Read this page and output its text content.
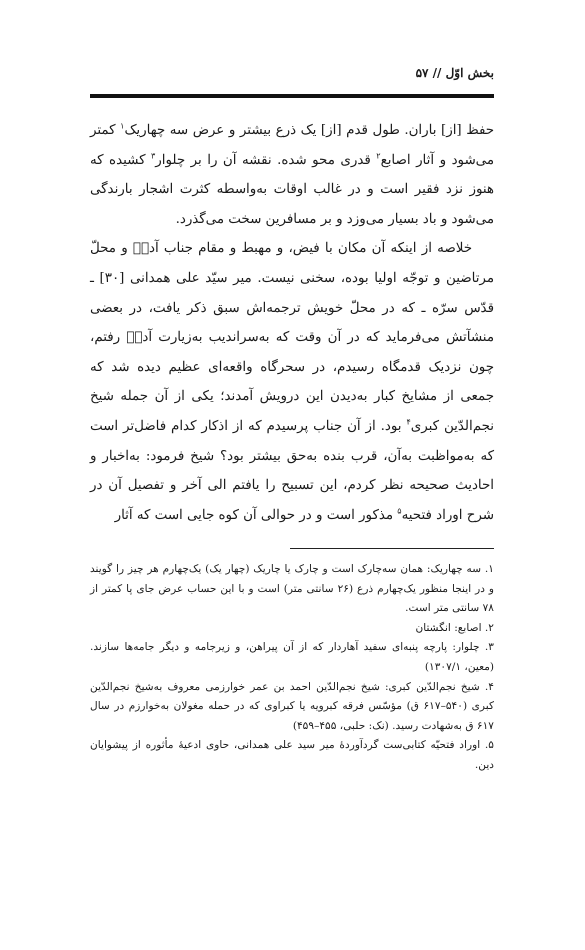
بخش اوّل // ۵۷

حفظ [از] باران. طول قدم [از] یک ذرع بیشتر و عرض سه چهاریک$^۱$ کمتر می‌شود و آثار اصابع$^۲$ قدری محو شده. نقشه آن را بر چلوار$^۳$ کشیده که هنوز نزد فقیر است و در غالب اوقات به‌واسطه کثرت اشجار بارندگی می‌شود و باد بسیار می‌وزد و بر مسافرین سخت می‌گذرد.

خلاصه از اینکه آن مکان با فیض، و مهبط و مقام جناب آدمؑ و محلّ مرتاضین و توجّه اولیا بوده، سخنی نیست. میر سیّد علی همدانی [۳۰] ـ قدّس سرّه ـ که در محلّ خویش ترجمه‌اش سبق ذکر یافت، در بعضی منشآتش می‌فرماید که در آن وقت که به‌سراندیب به‌زیارت آدمؑ رفتم، چون نزدیک قدمگاه رسیدم، در سحرگاه واقعه‌ای عظیم دیده شد که جمعی از مشایخ کبار به‌دیدن این درویش آمدند؛ یکی از آن جمله شیخ نجم‌الدّین کبری$^۴$ بود. از آن جناب پرسیدم که از اذکار کدام فاضل‌تر است که به‌مواظبت به‌آن، قرب بنده به‌حق بیشتر بود؟ شیخ فرمود: به‌اخبار و احادیث صحیحه نظر کردم، این تسبیح را یافتم الی آخر و تفصیل آن در شرح اوراد فتحیه$^۵$ مذکور است و در حوالی آن کوه جایی است که آثار

۱. سه چهاریک: همان سه‌چارک است و چارک یا چاریک (چهار یک) یک‌چهارم هر چیز را گویند و در اینجا منظور یک‌چهارم ذرع (۲۶ سانتی متر) است و با این حساب عرض جای پا کمتر از ۷۸ سانتی متر است.
۲. اصابع: انگشتان
۳. چلوار: پارچه پنبه‌ای سفید آهاردار که از آن پیراهن، و زیرجامه و دیگر جامه‌ها سازند. (معین، ۱۳۰۷/۱)
۴. شیخ نجم‌الدّین کبری: شیخ نجم‌الدّین احمد بن عمر خوارزمی معروف به‌شیخ نجم‌الدّین کبری (۵۴۰–۶۱۷ ق) مؤسّس فرقه کبرویه یا کبراوی که در حمله مغولان به‌خوارزم در سال ۶۱۷ ق به‌شهادت رسید. (نک: حلبی، ۴۵۵–۴۵۹)
۵. اوراد فتحیّه کتابی‌ست گردآوردهٔ میر سید علی همدانی، حاوی ادعیهٔ مأثوره از پیشوایان دین.
